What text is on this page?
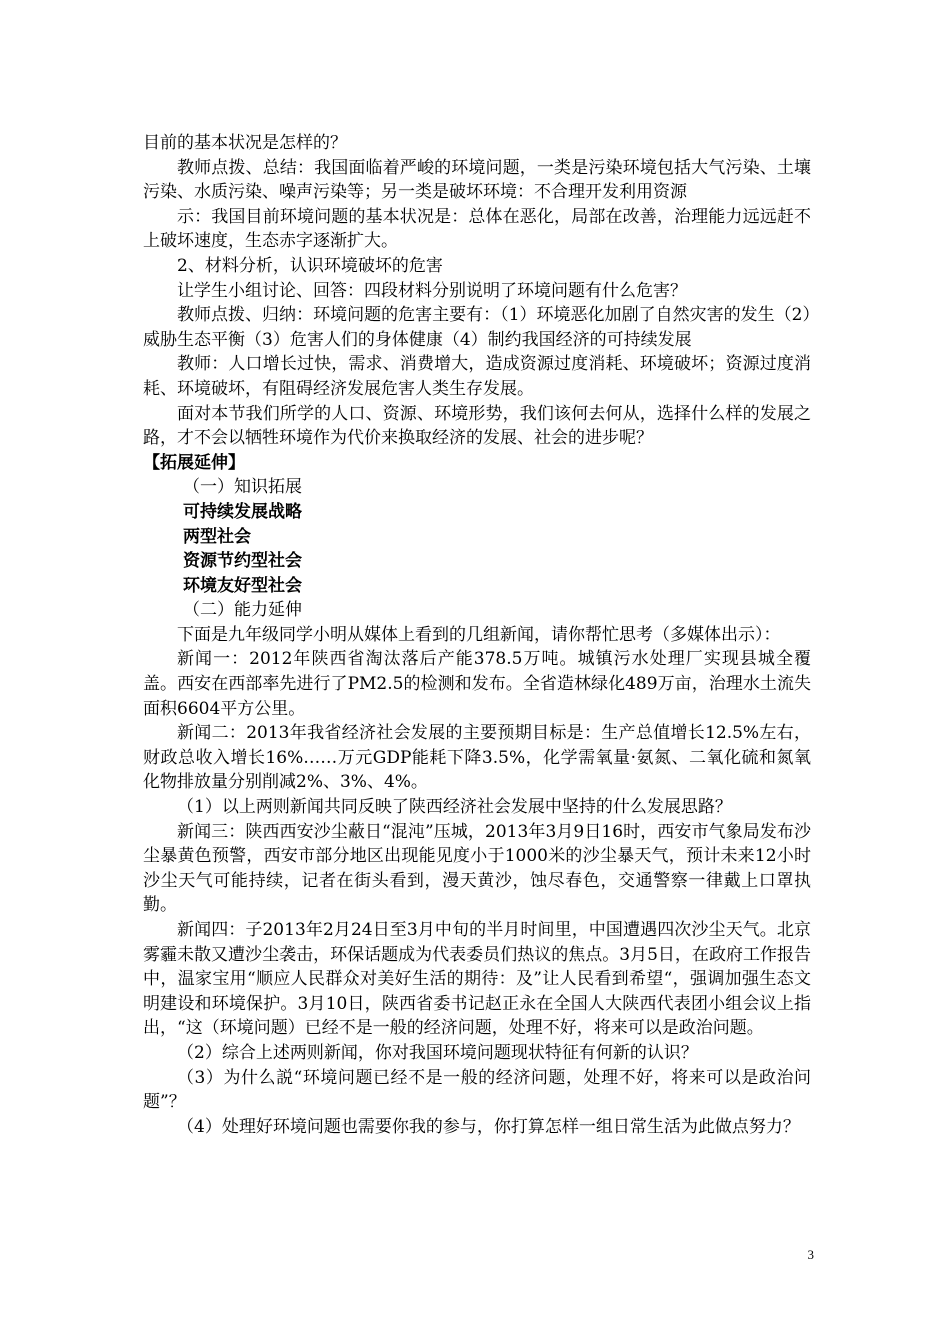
目前的基本状况是怎样的？

教师点拨、总结：我国面临着严峻的环境问题，一类是污染环境包括大气污染、土壤污染、水质污染、噪声污染等；另一类是破坏环境：不合理开发利用资源

示：我国目前环境问题的基本状况是：总体在恶化，局部在改善，治理能力远远赶不上破坏速度，生态赤字逐渐扩大。

2、材料分析，认识环境破坏的危害

让学生小组讨论、回答：四段材料分别说明了环境问题有什么危害？

教师点拨、归纳：环境问题的危害主要有：（1）环境恶化加剧了自然灾害的发生（2）威胁生态平衡（3）危害人们的身体健康（4）制约我国经济的可持续发展

教师：人口增长过快，需求、消费增大，造成资源过度消耗、环境破坏；资源过度消耗、环境破坏，有阻碍经济发展危害人类生存发展。

面对本节我们所学的人口、资源、环境形势，我们该何去何从，选择什么样的发展之路，才不会以牺牲环境作为代价来换取经济的发展、社会的进步呢？

【拓展延伸】

（一）知识拓展

可持续发展战略

两型社会

资源节约型社会

环境友好型社会

（二）能力延伸

下面是九年级同学小明从媒体上看到的几组新闻，请你帮忙思考（多媒体出示）：

新闻一：2012年陕西省淘汰落后产能378.5万吨。城镇污水处理厂实现县城全覆盖。西安在西部率先进行了PM2.5的检测和发布。全省造林绿化489万亩，治理水土流失面积6604平方公里。

新闻二：2013年我省经济社会发展的主要预期目标是：生产总值增长12.5%左右，财政总收入增长16%……万元GDP能耗下降3.5%，化学需氧量·氨氮、二氧化硫和氮氧化物排放量分别削减2%、3%、4%。

（1）以上两则新闻共同反映了陕西经济社会发展中坚持的什么发展思路？

新闻三：陕西西安沙尘蔽日“混沌”压城，2013年3月9日16时，西安市气象局发布沙尘暴黄色预警，西安市部分地区出现能见度小于1000米的沙尘暴天气，预计未来12小时沙尘天气可能持续，记者在街头看到，漫天黄沙，蚀尽春色，交通警察一律戴上口罩执勤。

新闻四：子2013年2月24日至3月中旬的半月时间里，中国遭遇四次沙尘天气。北京雾霾未散又遭沙尘袭击，环保话题成为代表委员们热议的焦点。3月5日，在政府工作报告中，温家宝用“顺应人民群众对美好生活的期待：及”让人民看到希望“，强调加强生态文明建设和环境保护。3月10日，陕西省委书记赵正永在全国人大陕西代表团小组会议上指出，“这（环境问题）已经不是一般的经济问题，处理不好，将来可以是政治问题。

（2）综合上述两则新闻，你对我国环境问题现状特征有何新的认识？

（3）为什么説“环境问题已经不是一般的经济问题，处理不好，将来可以是政治问题”？

（4）处理好环境问题也需要你我的参与，你打算怎样一组日常生活为此做点努力？

3
